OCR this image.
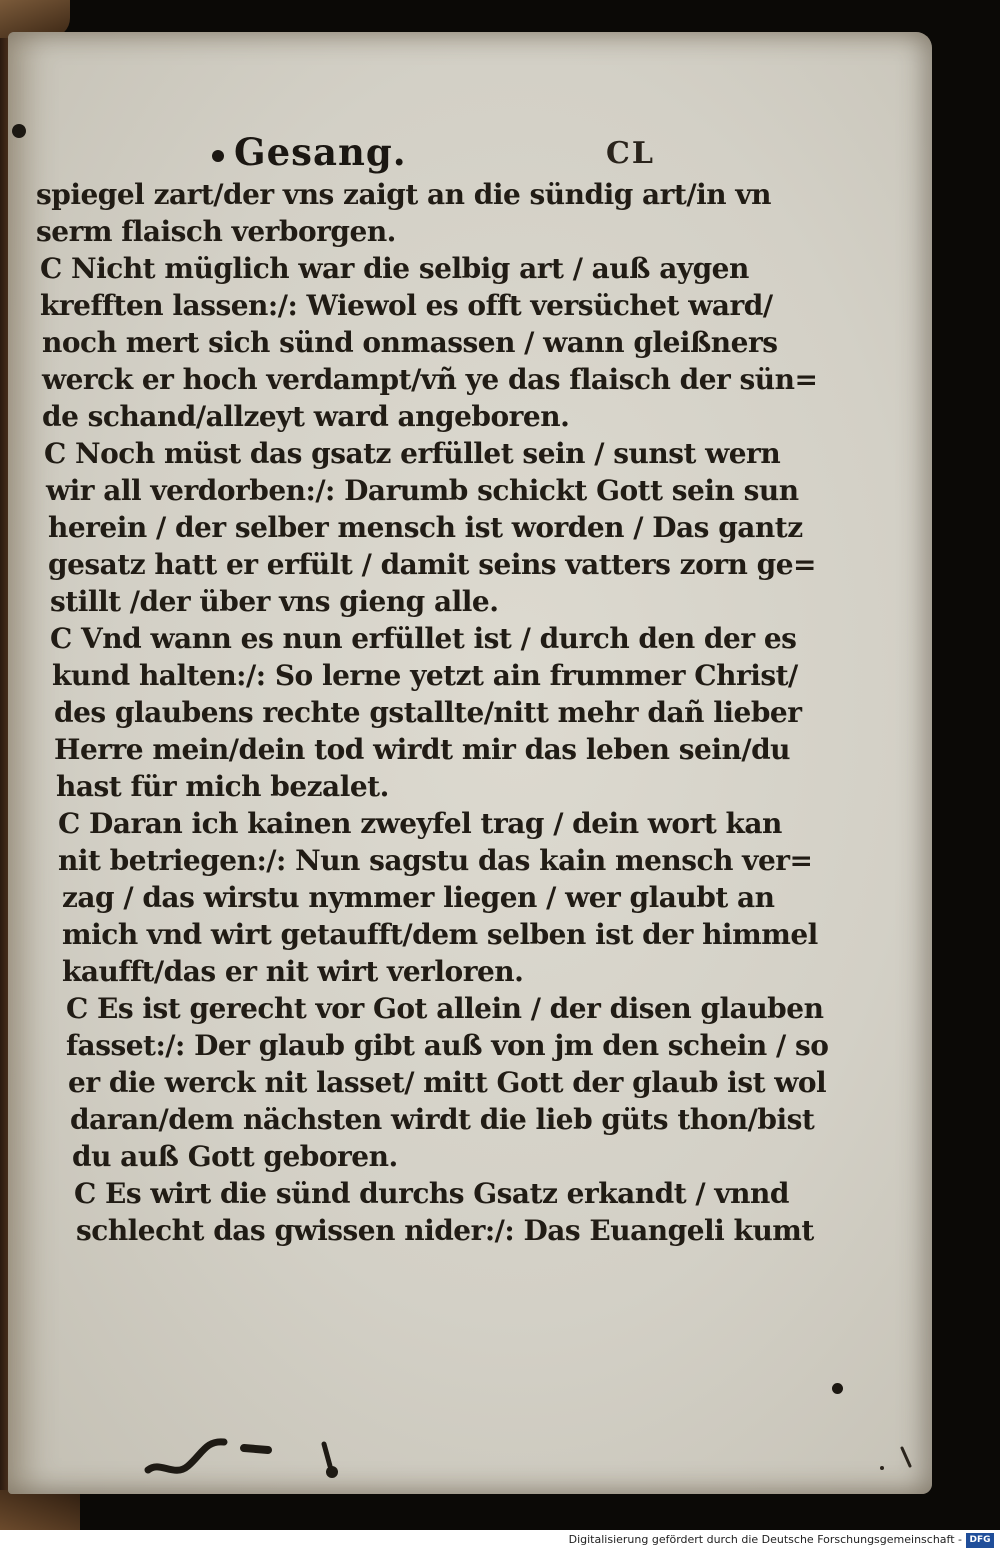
Gesang.	CL
spiegel zart/der vns zaigt an die sündig art/in vn
serm flaisch verborgen.
C Nicht müglich war die selbig art / auß aygen
krefften lassen:/: Wiewol es offt versüchet ward/
noch mert sich sünd onmassen / wann gleißners
werck er hoch verdampt/vñ ye das flaisch der sün=
de schand/allzeyt ward angeboren.
C Noch müst das gsatz erfüllet sein / sunst wern
wir all verdorben:/: Darumb schickt Gott sein sun
herein / der selber mensch ist worden / Das gantz
gesatz hatt er erfült / damit seins vatters zorn ge=
stillt /der über vns gieng alle.
C Vnd wann es nun erfüllet ist / durch den der es
kund halten:/: So lerne yetzt ain frummer Christ/
des glaubens rechte gstallte/nitt mehr dañ lieber
Herre mein/dein tod wirdt mir das leben sein/du
hast für mich bezalet.
C Daran ich kainen zweyfel trag / dein wort kan
nit betriegen:/: Nun sagstu das kain mensch ver=
zag / das wirstu nymmer liegen / wer glaubt an
mich vnd wirt getaufft/dem selben ist der himmel
kaufft/das er nit wirt verloren.
C Es ist gerecht vor Got allein / der disen glauben
fasset:/: Der glaub gibt auß von jm den schein / so
er die werck nit lasset/ mitt Gott der glaub ist wol
daran/dem nächsten wirdt die lieb güts thon/bist
du auß Gott geboren.
C Es wirt die sünd durchs Gsatz erkandt / vnnd
schlecht das gwissen nider:/: Das Euangeli kumt
Digitalisierung gefördert durch die Deutsche Forschungsgemeinschaft - DFG
